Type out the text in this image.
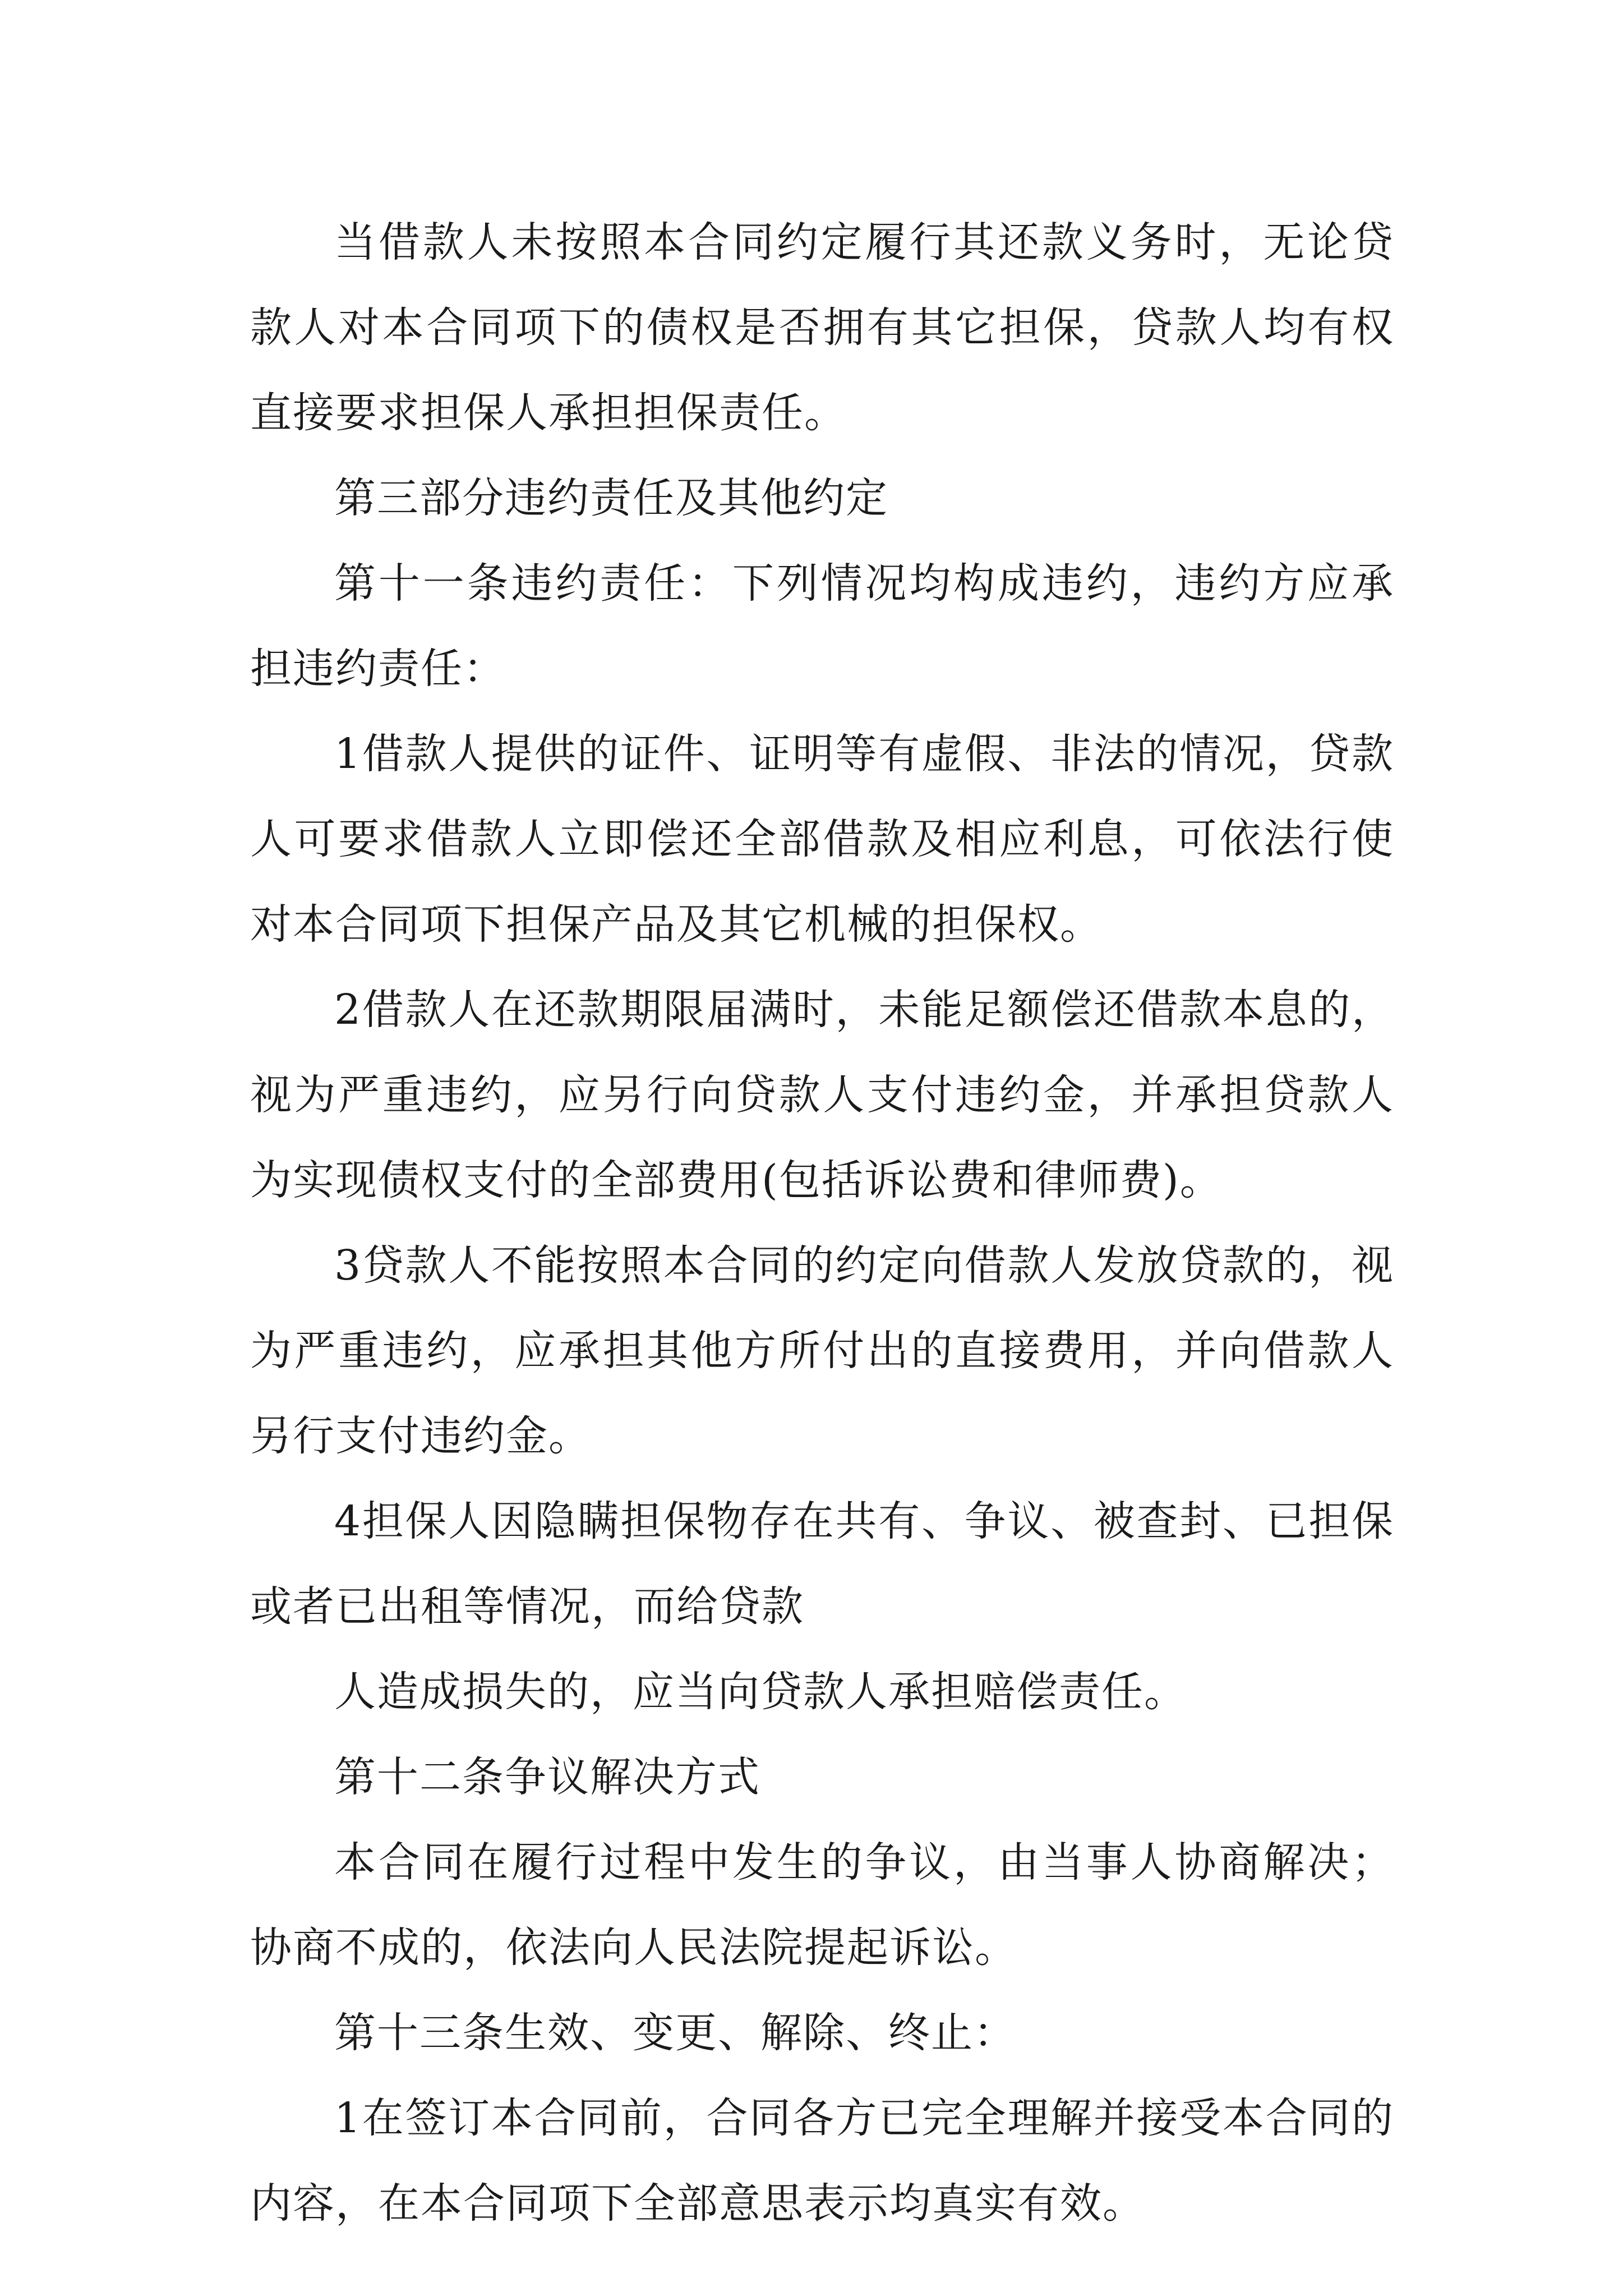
当借款人未按照本合同约定履行其还款义务时，无论贷款人对本合同项下的债权是否拥有其它担保，贷款人均有权直接要求担保人承担担保责任。

第三部分违约责任及其他约定

第十一条违约责任：下列情况均构成违约，违约方应承担违约责任：

1借款人提供的证件、证明等有虚假、非法的情况，贷款人可要求借款人立即偿还全部借款及相应利息，可依法行使对本合同项下担保产品及其它机械的担保权。

2借款人在还款期限届满时，未能足额偿还借款本息的，视为严重违约，应另行向贷款人支付违约金，并承担贷款人为实现债权支付的全部费用(包括诉讼费和律师费)。

3贷款人不能按照本合同的约定向借款人发放贷款的，视为严重违约，应承担其他方所付出的直接费用，并向借款人另行支付违约金。

4担保人因隐瞒担保物存在共有、争议、被查封、已担保或者已出租等情况，而给贷款

人造成损失的，应当向贷款人承担赔偿责任。

第十二条争议解决方式

本合同在履行过程中发生的争议，由当事人协商解决；协商不成的，依法向人民法院提起诉讼。

第十三条生效、变更、解除、终止：

1在签订本合同前，合同各方已完全理解并接受本合同的内容，在本合同项下全部意思表示均真实有效。
